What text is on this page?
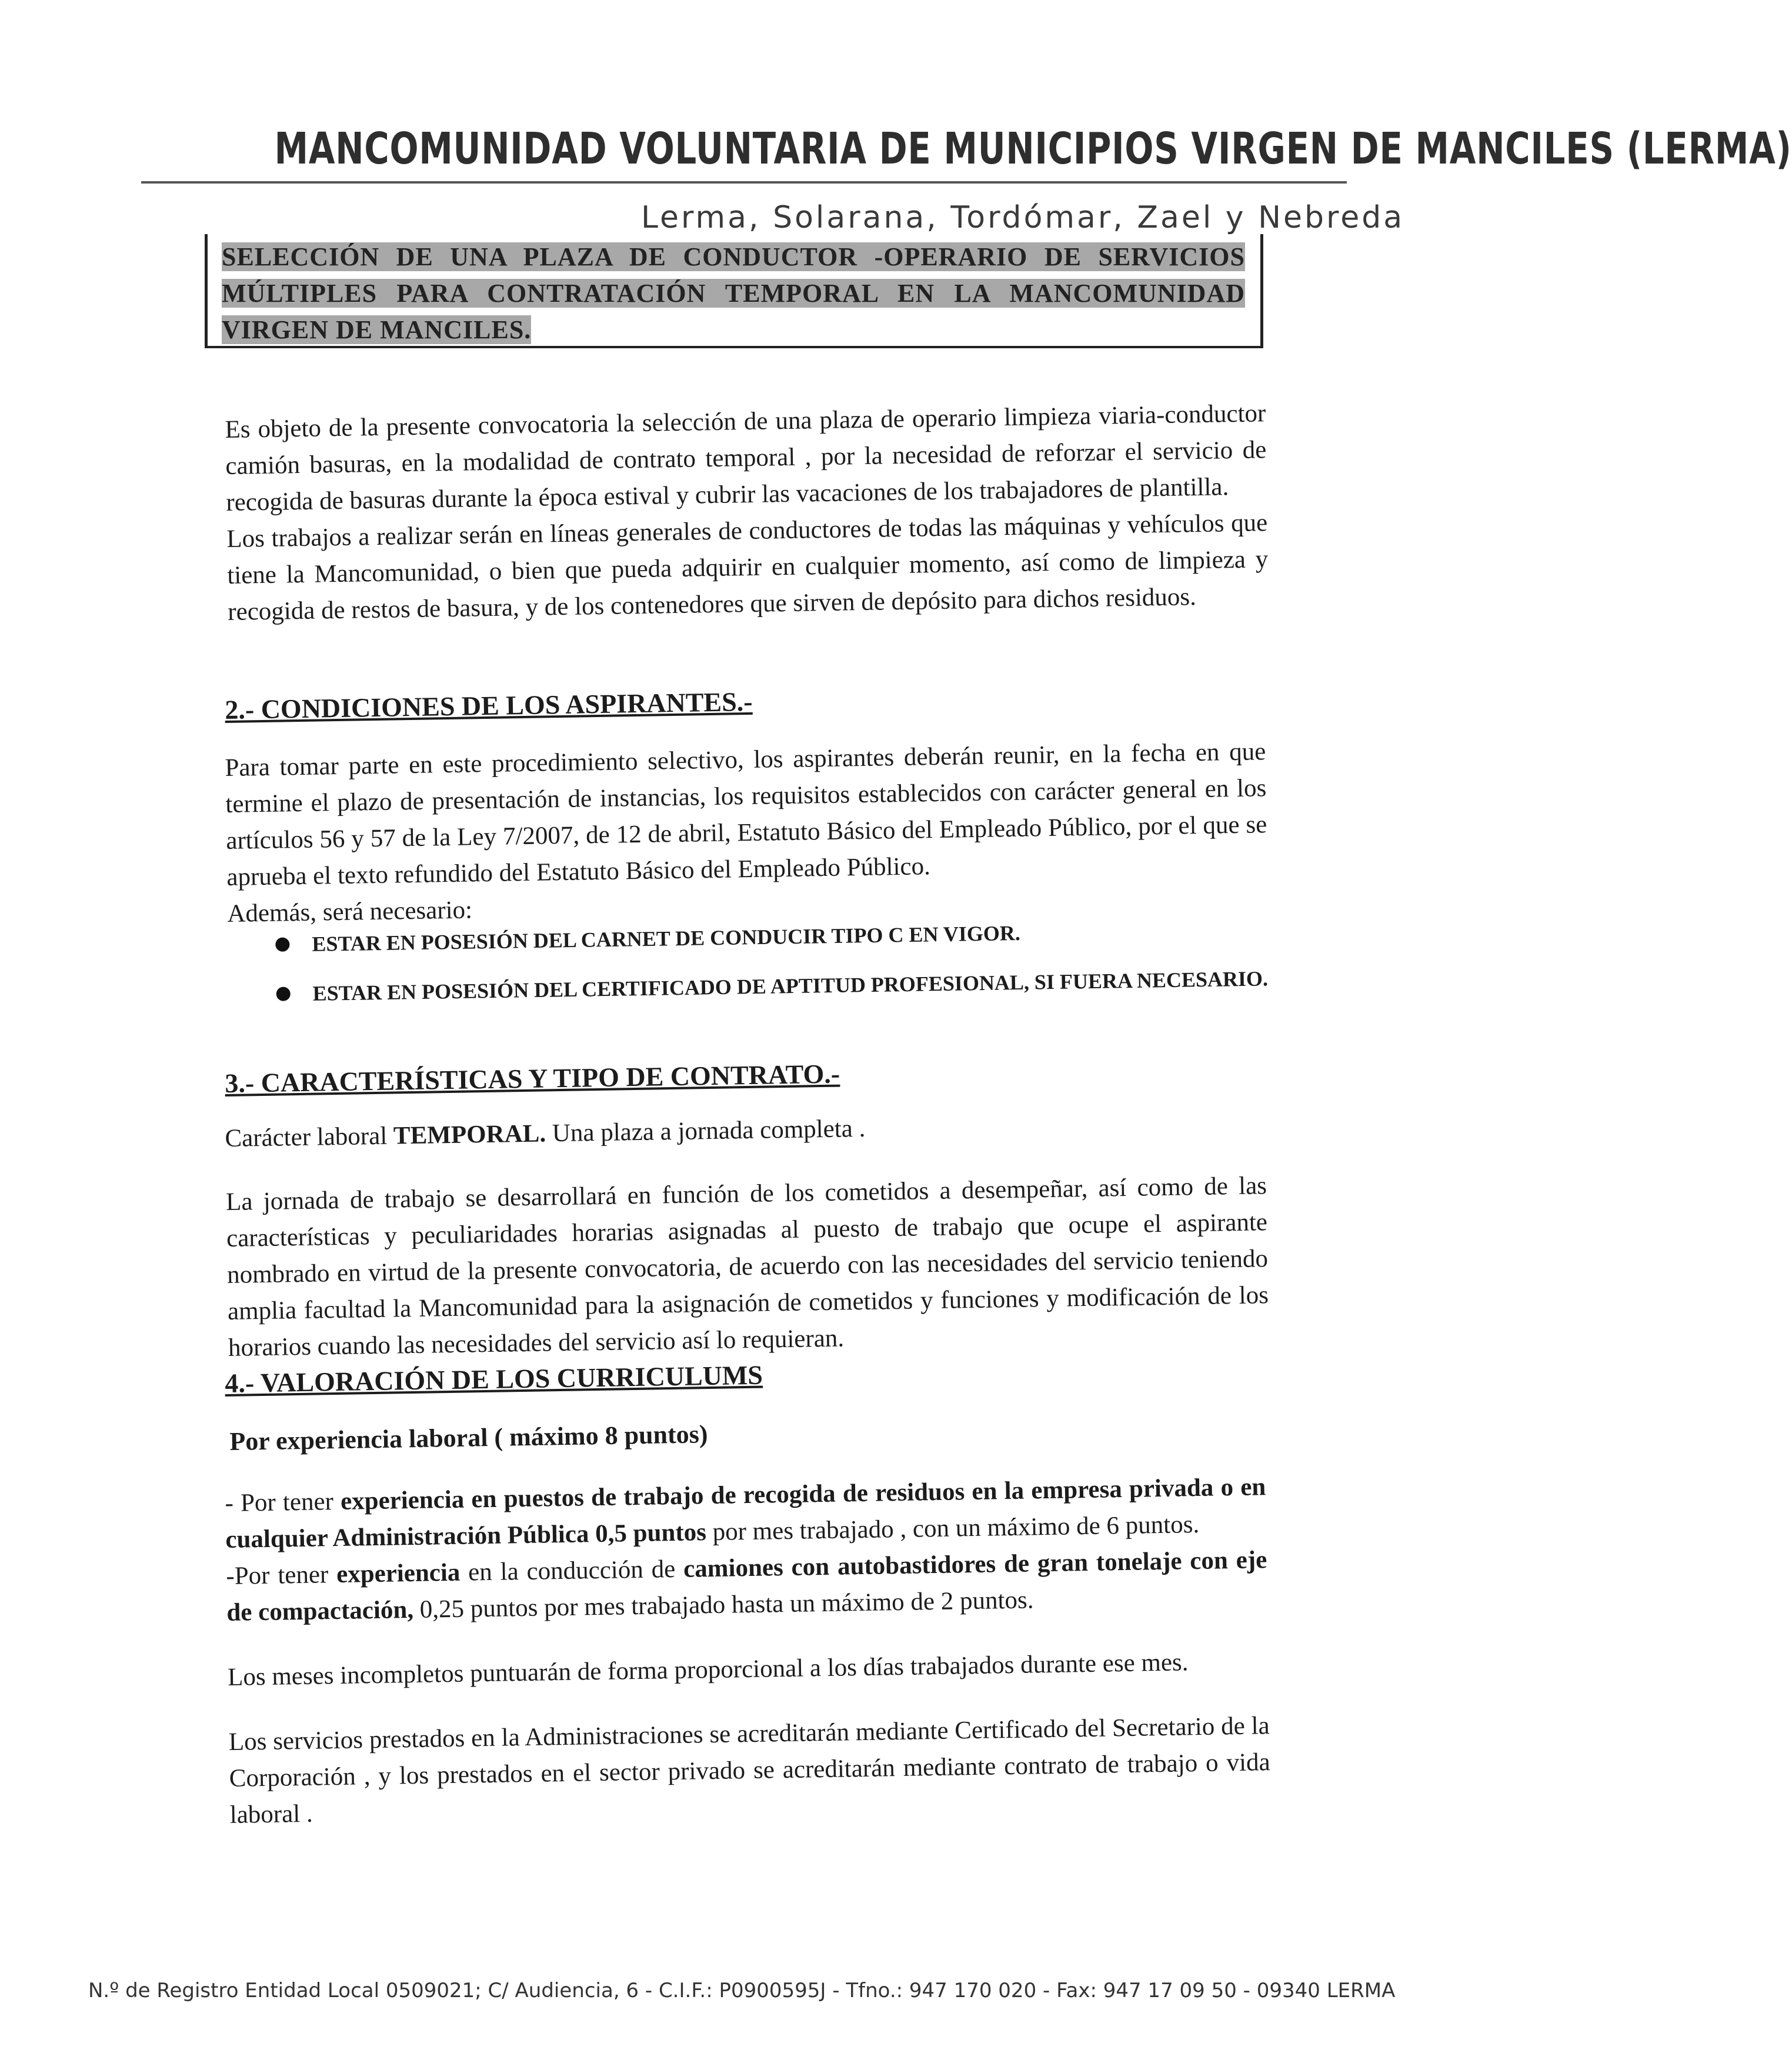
MANCOMUNIDAD VOLUNTARIA DE MUNICIPIOS VIRGEN DE MANCILES (LERMA)
Lerma, Solarana, Tordómar, Zael y Nebreda
SELECCIÓN DE UNA PLAZA DE CONDUCTOR -OPERARIO DE SERVICIOS
MÚLTIPLES PARA CONTRATACIÓN TEMPORAL EN LA MANCOMUNIDAD
VIRGEN DE MANCILES.

Es objeto de la presente convocatoria la selección de una plaza de operario limpieza viaria-conductor camión basuras, en la modalidad de contrato temporal , por la necesidad de reforzar el servicio de recogida de basuras durante la época estival y cubrir las vacaciones de los trabajadores de plantilla.

Los trabajos a realizar serán en líneas generales de conductores de todas las máquinas y vehículos que tiene la Mancomunidad, o bien que pueda adquirir en cualquier momento, así como de limpieza y recogida de restos de basura, y de los contenedores que sirven de depósito para dichos residuos.

2.- CONDICIONES DE LOS ASPIRANTES.-

Para tomar parte en este procedimiento selectivo, los aspirantes deberán reunir, en la fecha en que termine el plazo de presentación de instancias, los requisitos establecidos con carácter general en los artículos 56 y 57 de la Ley 7/2007, de 12 de abril, Estatuto Básico del Empleado Público, por el que se aprueba el texto refundido del Estatuto Básico del Empleado Público.

Además, será necesario:

ESTAR EN POSESIÓN DEL CARNET DE CONDUCIR TIPO C EN VIGOR.
ESTAR EN POSESIÓN DEL CERTIFICADO DE APTITUD PROFESIONAL, SI FUERA NECESARIO.
3.- CARACTERÍSTICAS Y TIPO DE CONTRATO.-

Carácter laboral TEMPORAL. Una plaza a jornada completa .

La jornada de trabajo se desarrollará en función de los cometidos a desempeñar, así como de las características y peculiaridades horarias asignadas al puesto de trabajo que ocupe el aspirante nombrado en virtud de la presente convocatoria, de acuerdo con las necesidades del servicio teniendo amplia facultad la Mancomunidad para la asignación de cometidos y funciones y modificación de los horarios cuando las necesidades del servicio así lo requieran.

4.- VALORACIÓN DE LOS CURRICULUMS
Por experiencia laboral ( máximo 8 puntos)

- Por tener experiencia en puestos de trabajo de recogida de residuos en la empresa privada o en cualquier Administración Pública 0,5 puntos por mes trabajado , con un máximo de 6 puntos.

-Por tener experiencia en la conducción de camiones con autobastidores de gran tonelaje con eje de compactación, 0,25 puntos por mes trabajado hasta un máximo de 2 puntos.

Los meses incompletos puntuarán de forma proporcional a los días trabajados durante ese mes.

Los servicios prestados en la Administraciones se acreditarán mediante Certificado del Secretario de la Corporación , y los prestados en el sector privado se acreditarán mediante contrato de trabajo o vida laboral .

N.º de Registro Entidad Local 0509021; C/ Audiencia, 6 - C.I.F.: P0900595J - Tfno.: 947 170 020 - Fax: 947 17 09 50 - 09340 LERMA
